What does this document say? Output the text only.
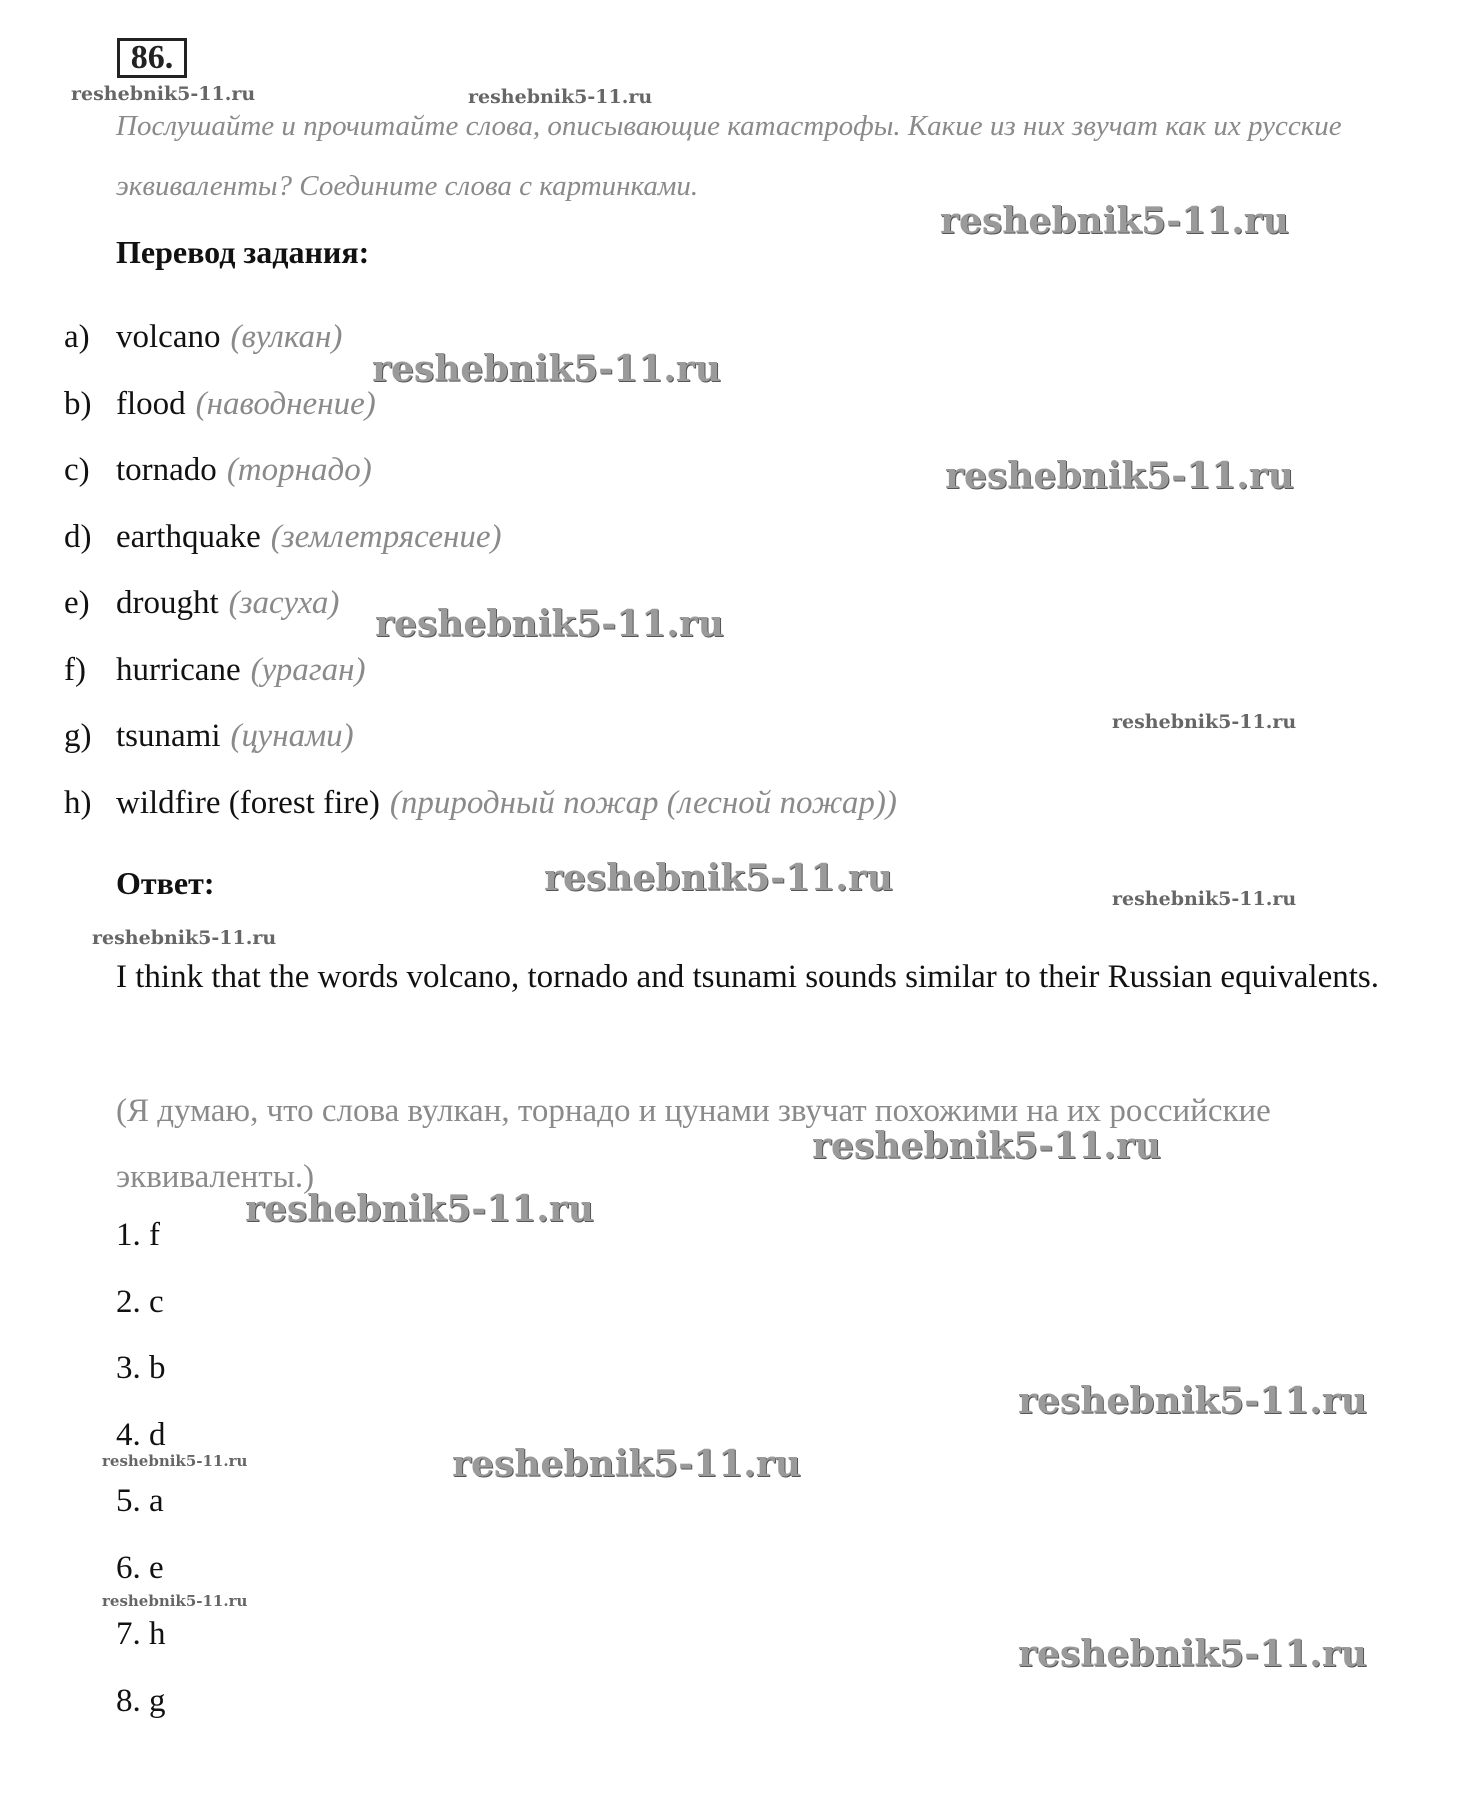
86.
Послушайте и прочитайте слова, описывающие катастрофы. Какие из них звучат как их русские эквиваленты? Соедините слова с картинками.
Перевод задания:
a) volcano (вулкан)
b) flood (наводнение)
c) tornado (торнадо)
d) earthquake (землетрясение)
e) drought (засуха)
f) hurricane (ураган)
g) tsunami (цунами)
h) wildfire (forest fire) (природный пожар (лесной пожар))
Ответ:
I think that the words volcano, tornado and tsunami sounds similar to their Russian equivalents.
(Я думаю, что слова вулкан, торнадо и цунами звучат похожими на их российские эквиваленты.)
1. f
2. c
3. b
4. d
5. a
6. e
7. h
8. g
reshebnik5-11.ru	reshebnik5-11.ru
reshebnik5-11.ru
reshebnik5-11.ru
reshebnik5-11.ru
reshebnik5-11.ru
reshebnik5-11.ru
reshebnik5-11.ru	reshebnik5-11.ru
reshebnik5-11.ru
reshebnik5-11.ru
reshebnik5-11.ru
reshebnik5-11.ru
reshebnik5-11.ru	reshebnik5-11.ru
reshebnik5-11.ru
reshebnik5-11.ru
